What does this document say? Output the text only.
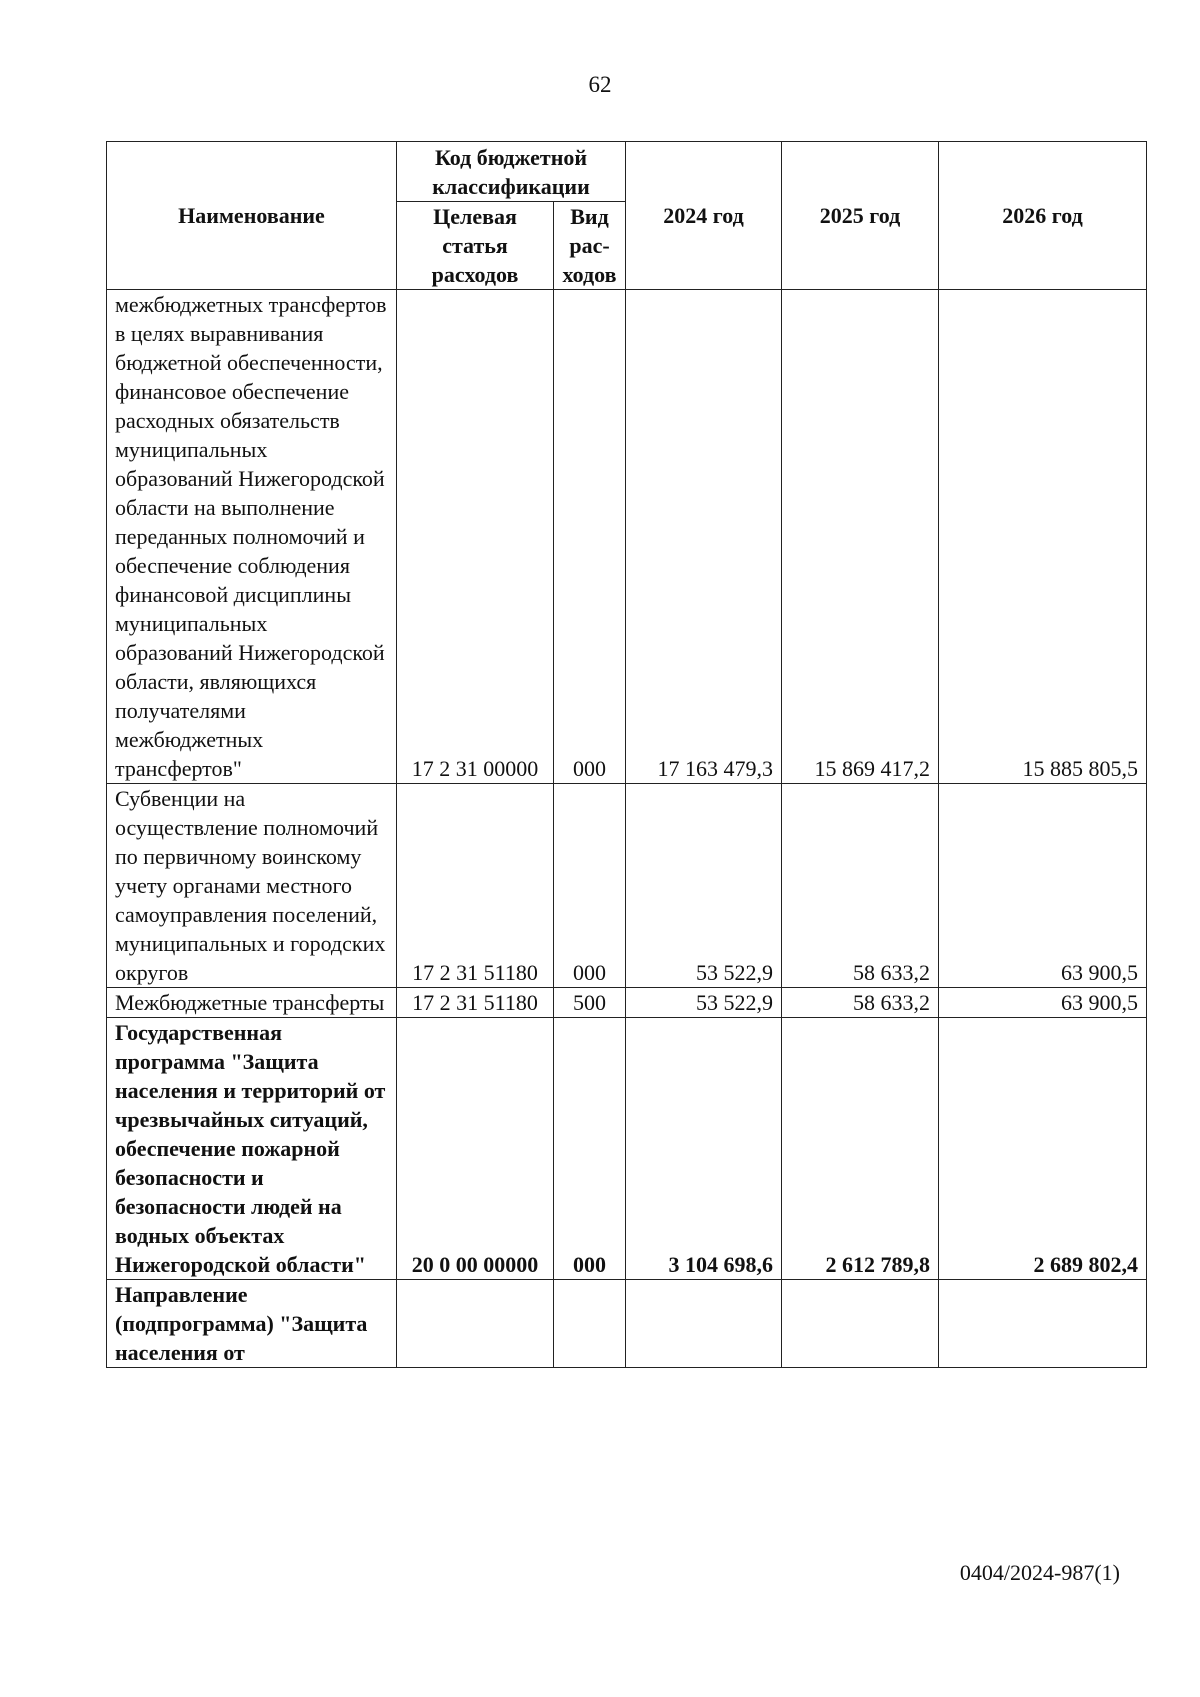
62
Наименование	Код бюджетной классификации		2024 год	2025 год	2026 год
	Целевая статья расходов	Вид рас-ходов			
межбюджетных трансфертов в целях выравнивания бюджетной обеспеченности, финансовое обеспечение расходных обязательств муниципальных образований Нижегородской области на выполнение переданных полномочий и обеспечение соблюдения финансовой дисциплины муниципальных образований Нижегородской области, являющихся получателями межбюджетных трансфертов"	17 2 31 00000	000	17 163 479,3	15 869 417,2	15 885 805,5
Субвенции на осуществление полномочий по первичному воинскому учету органами местного самоуправления поселений, муниципальных и городских округов	17 2 31 51180	000	53 522,9	58 633,2	63 900,5
Межбюджетные трансферты	17 2 31 51180	500	53 522,9	58 633,2	63 900,5
Государственная программа "Защита населения и территорий от чрезвычайных ситуаций, обеспечение пожарной безопасности и безопасности людей на водных объектах Нижегородской области"	20 0 00 00000	000	3 104 698,6	2 612 789,8	2 689 802,4
Направление (подпрограмма) "Защита населения от					
0404/2024-987(1)
